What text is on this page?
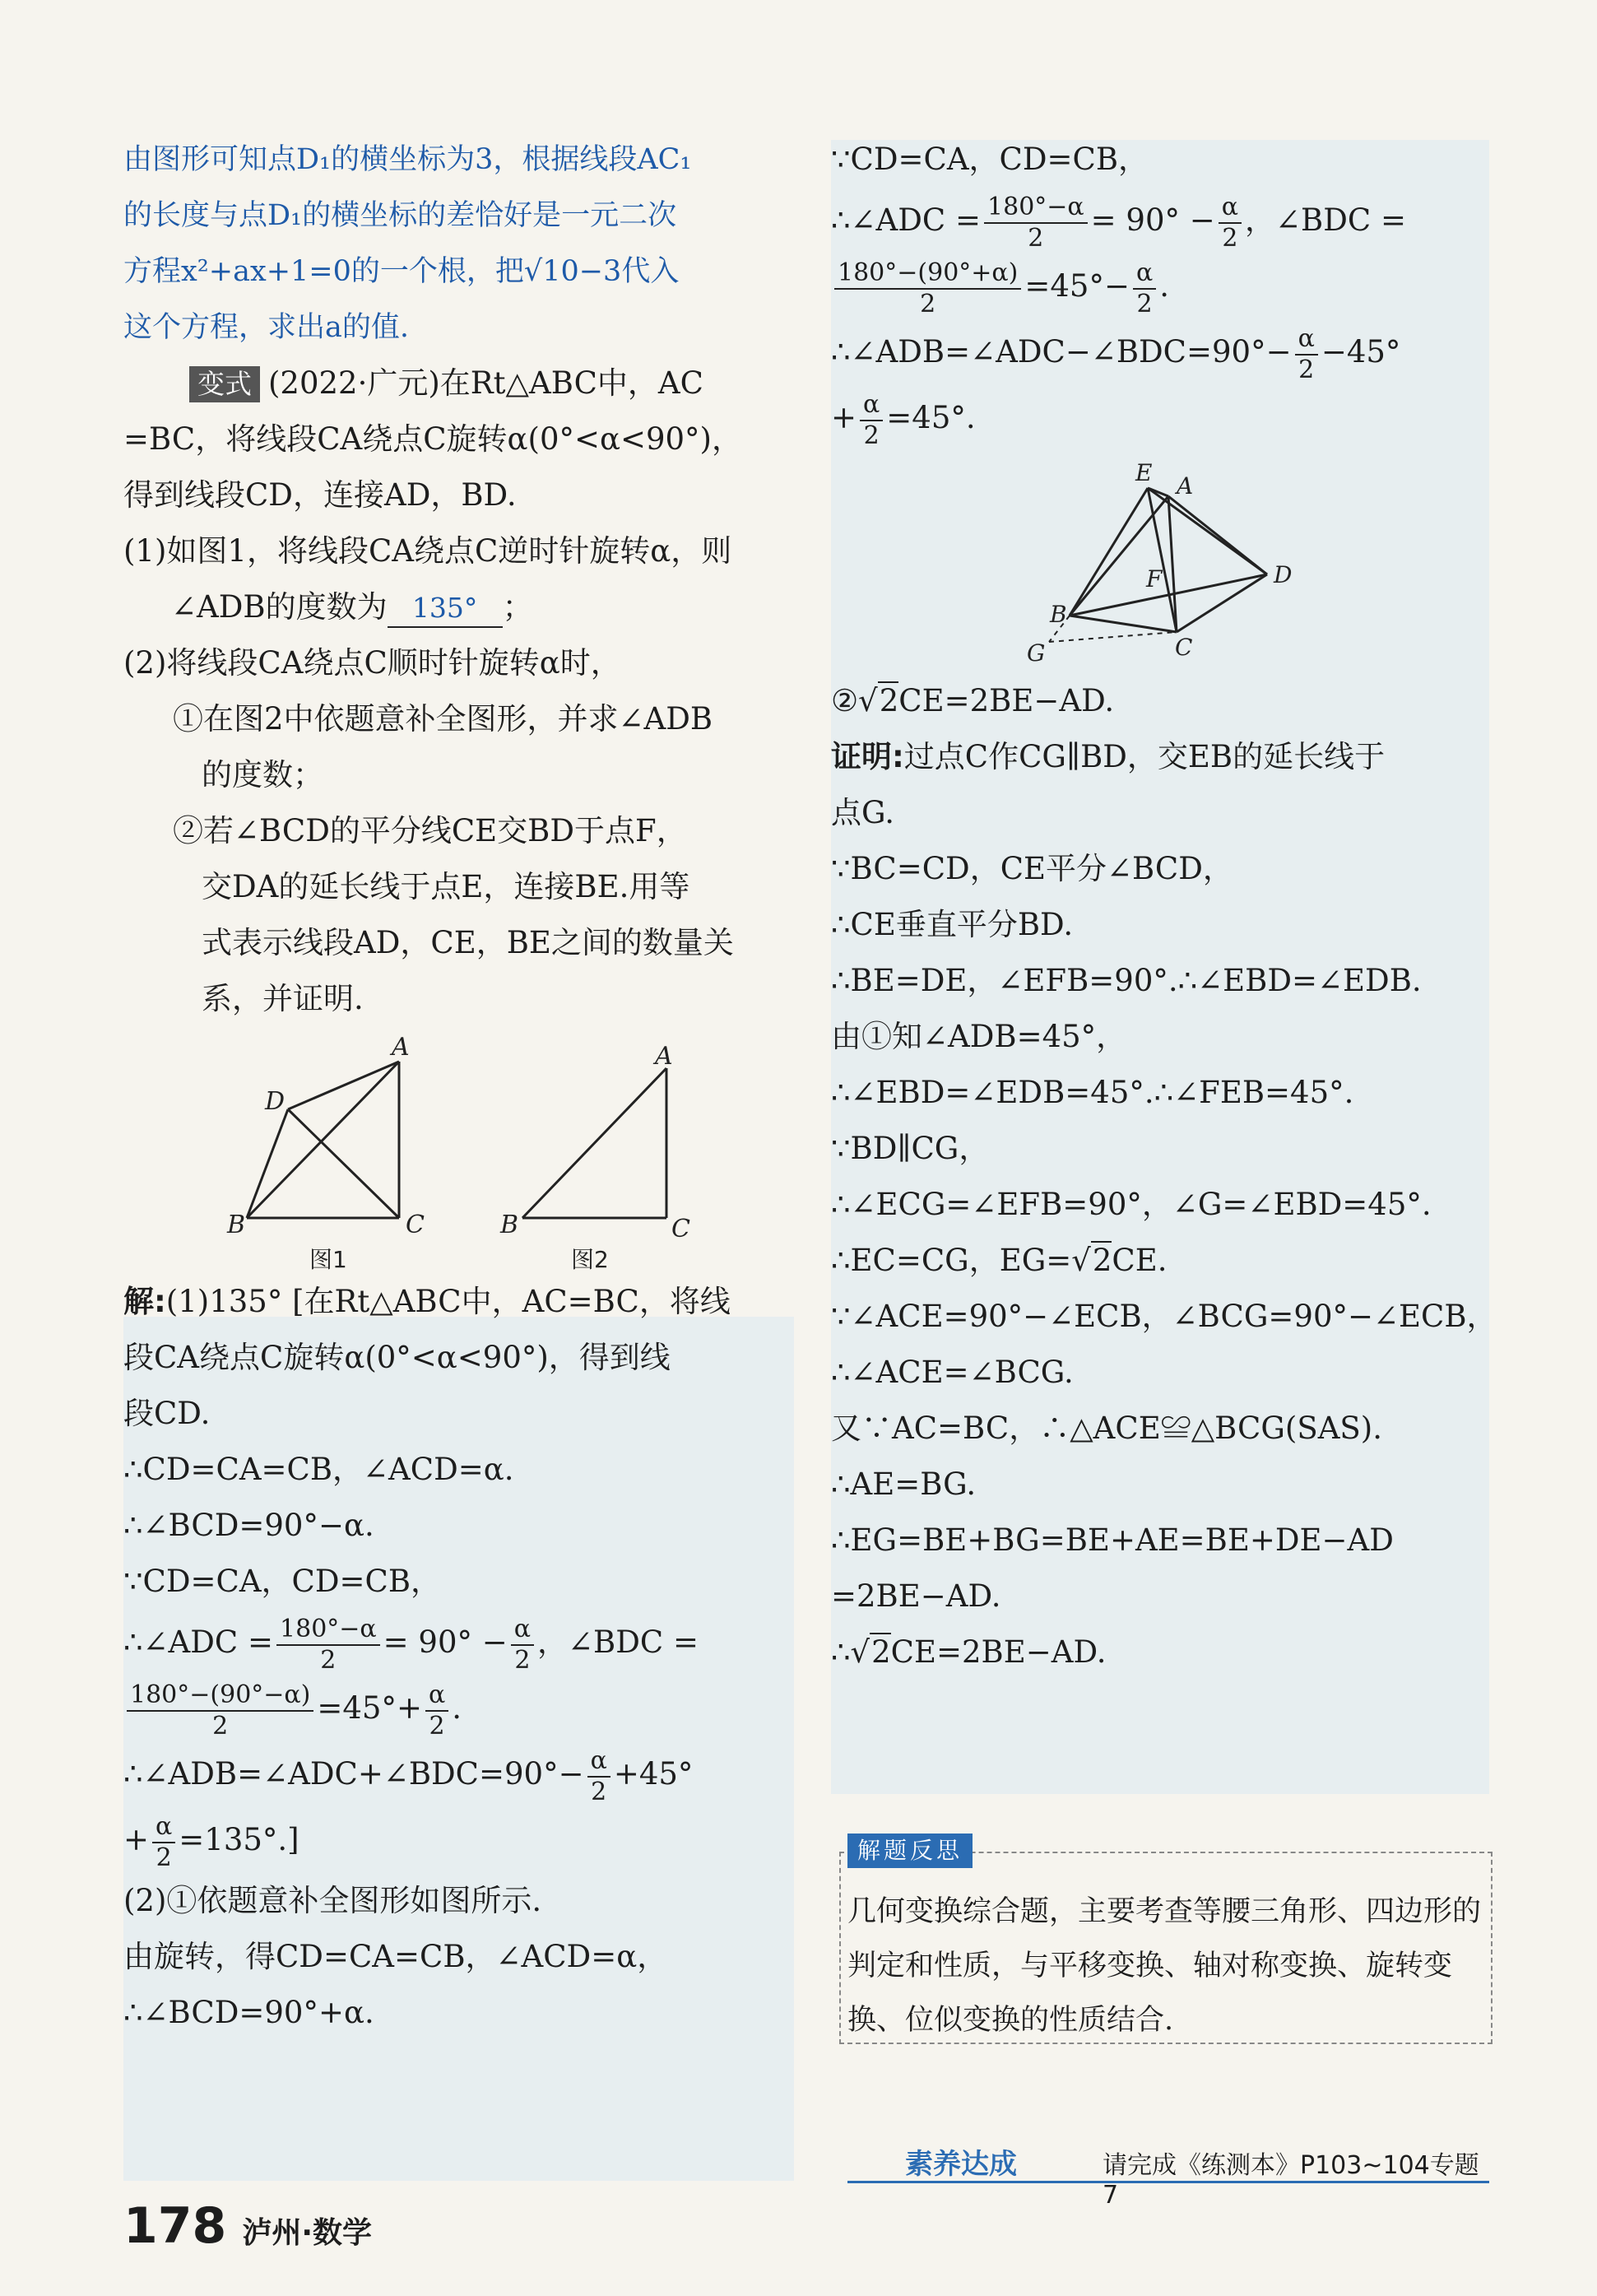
由图形可知点D₁的横坐标为3，根据线段AC₁

的长度与点D₁的横坐标的差恰好是一元二次

方程x²+ax+1=0的一个根，把√10−3代入

这个方程，求出a的值.

变式 (2022·广元)在Rt△ABC中，AC

=BC，将线段CA绕点C旋转α(0°<α<90°)，

得到线段CD，连接AD，BD.

(1)如图1，将线段CA绕点C逆时针旋转α，则

∠ADB的度数为 135° ；

(2)将线段CA绕点C顺时针旋转α时，

①在图2中依题意补全图形，并求∠ADB

的度数；

②若∠BCD的平分线CE交BD于点F，

交DA的延长线于点E，连接BE.用等

式表示线段AD，CE，BE之间的数量关

系，并证明.

B	C
A
D
B	C
A
图1	图2

解:(1)135° [在Rt△ABC中，AC=BC，将线

段CA绕点C旋转α(0°<α<90°)，得到线

段CD.

∴CD=CA=CB，∠ACD=α.

∴∠BCD=90°−α.

∵CD=CA，CD=CB，

∴∠ADC = $\frac{180^\circ-\alpha}{2} = 90^\circ - \frac{\alpha}{2}$ ，∠BDC =

$\frac{180^\circ-(90^\circ-\alpha)}{2} =45^\circ+ \frac{\alpha}{2}$ .

∴∠ADB=∠ADC+∠BDC=90°− $\frac{\alpha}{2} +45^\circ$

+ $\frac{\alpha}{2} =135^\circ$.]

(2)①依题意补全图形如图所示.

由旋转，得CD=CA=CB，∠ACD=α，

∴∠BCD=90°+α.

∵CD=CA，CD=CB，

∴∠ADC = $\frac{180^\circ-\alpha}{2} = 90^\circ - \frac{\alpha}{2}$ ，∠BDC =

$\frac{180^\circ-(90^\circ+\alpha)}{2} =45^\circ- \frac{\alpha}{2}$ .

∴∠ADB=∠ADC−∠BDC=90°− $\frac{\alpha}{2} -45^\circ$

+ $\frac{\alpha}{2} =45^\circ$.

E A
D
F
B
C
G

②√2CE=2BE−AD.

证明:过点C作CG∥BD，交EB的延长线于

点G.

∵BC=CD，CE平分∠BCD，

∴CE垂直平分BD.

∴BE=DE，∠EFB=90°.∴∠EBD=∠EDB.

由①知∠ADB=45°，

∴∠EBD=∠EDB=45°.∴∠FEB=45°.

∵BD∥CG，

∴∠ECG=∠EFB=90°，∠G=∠EBD=45°.

∴EC=CG，EG=√2CE.

∵∠ACE=90°−∠ECB，∠BCG=90°−∠ECB，

∴∠ACE=∠BCG.

又∵AC=BC，∴△ACE≌△BCG(SAS).

∴AE=BG.

∴EG=BE+BG=BE+AE=BE+DE−AD

=2BE−AD.

∴√2CE=2BE−AD.

解题反思
几何变换综合题，主要考查等腰三角形、四边形的判定和性质，与平移变换、轴对称变换、旋转变换、位似变换的性质结合.
素养达成	请完成《练测本》P103~104专题7
178 泸州·数学
